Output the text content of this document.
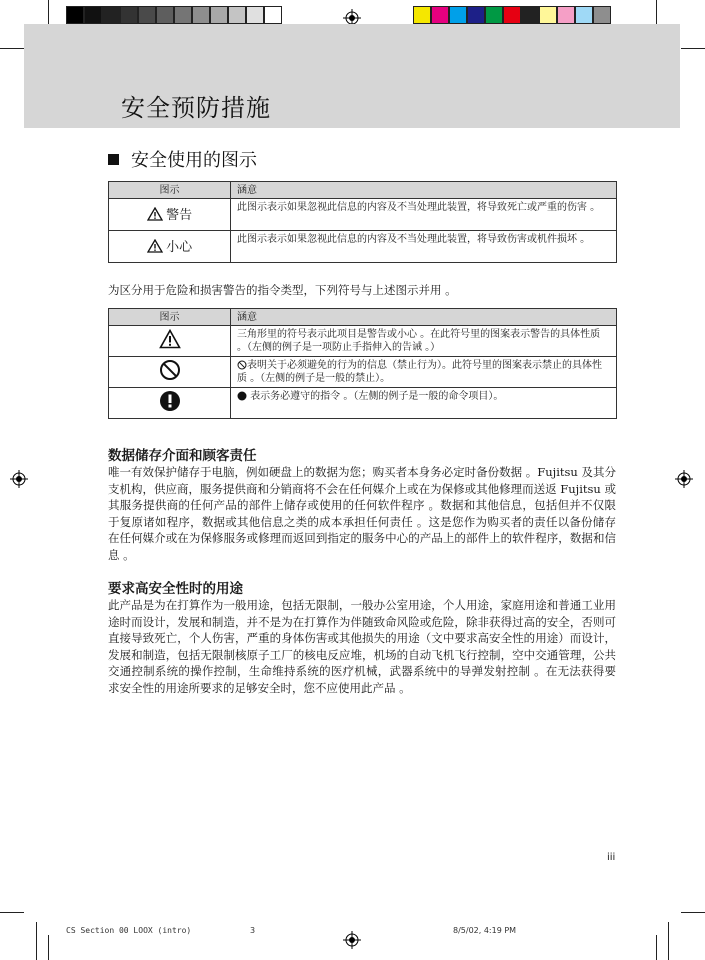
安全预防措施
安全使用的图示
图示	涵意
警告	此图示表示如果忽视此信息的内容及不当处理此装置，将导致死亡或严重的伤害 。
小心	此图示表示如果忽视此信息的内容及不当处理此装置，将导致伤害或机件损坏 。
为区分用于危险和损害警告的指令类型，下列符号与上述图示并用 。
图示	涵意
	三角形里的符号表示此项目是警告或小心 。在此符号里的图案表示警告的具体性质 。（左侧的例子是一项防止手指伸入的告诫 。）
	表明关于必须避免的行为的信息（禁止行为）。此符号里的图案表示禁止的具体性质 。（左侧的例子是一般的禁止）。
	表示务必遵守的指令 。（左侧的例子是一般的命令项目）。
数据储存介面和顾客责任
唯一有效保护储存于电脑，例如硬盘上的数据为您；购买者本身务必定时备份数据 。Fujitsu 及其分支机构，供应商，服务提供商和分销商将不会在任何媒介上或在为保修或其他修理而送返 Fujitsu 或其服务提供商的任何产品的部件上储存或使用的任何软件程序 。数据和其他信息，包括但并不仅限于复原诸如程序，数据或其他信息之类的成本承担任何责任 。这是您作为购买者的责任以备份储存在任何媒介或在为保修服务或修理而返回到指定的服务中心的产品上的部件上的软件程序，数据和信息 。
要求高安全性时的用途
此产品是为在打算作为一般用途，包括无限制，一般办公室用途，个人用途，家庭用途和普通工业用途时而设计，发展和制造，并不是为在打算作为伴随致命风险或危险，除非获得过高的安全，否则可直接导致死亡，个人伤害，严重的身体伤害或其他损失的用途（文中要求高安全性的用途）而设计，发展和制造，包括无限制核原子工厂的核电反应堆，机场的自动飞机飞行控制，空中交通管理，公共交通控制系统的操作控制，生命维持系统的医疗机械，武器系统中的导弹发射控制 。在无法获得要求安全性的用途所要求的足够安全时，您不应使用此产品 。
iii
CS Section 00 LOOX (intro)	3	8/5/02, 4:19 PM
